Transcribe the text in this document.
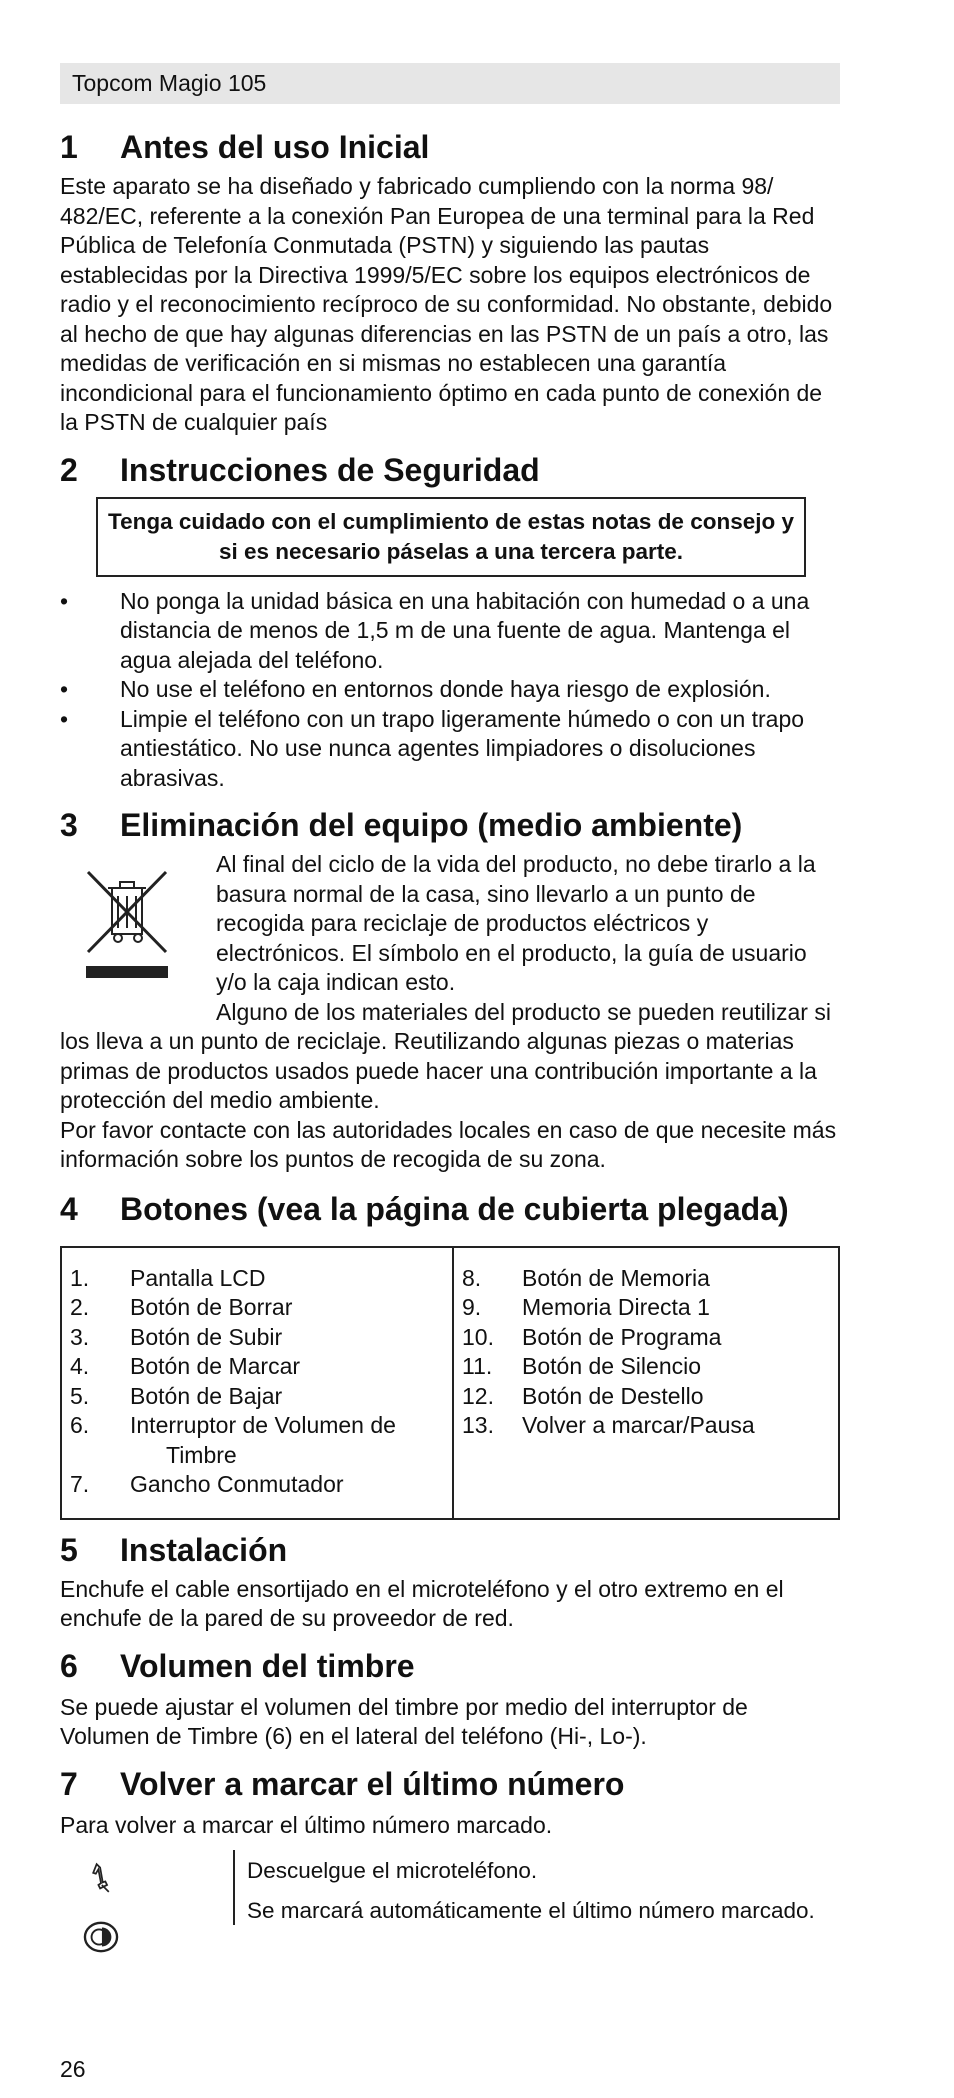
Topcom Magio 105
1	Antes del uso Inicial

Este aparato se ha diseñado y fabricado cumpliendo con la norma 98/ 482/EC, referente a la conexión Pan Europea de una terminal para la Red Pública de Telefonía Conmutada (PSTN) y siguiendo las pautas establecidas por la Directiva 1999/5/EC sobre los equipos electrónicos de radio y el reconocimiento recíproco de su conformidad. No obstante, debido al hecho de que hay algunas diferencias en las PSTN de un país a otro, las medidas de verificación en si mismas no establecen una garantía incondicional para el funcionamiento óptimo en cada punto de conexión de la PSTN de cualquier país

2	Instrucciones de Seguridad
Tenga cuidado con el cumplimiento de estas notas de consejo y si es necesario páselas a una tercera parte.
•	No ponga la unidad básica en una habitación con humedad o a una distancia de menos de 1,5 m de una fuente de agua. Mantenga el agua alejada del teléfono.
•	No use el teléfono en entornos donde haya riesgo de explosión.
•	Limpie el teléfono con un trapo ligeramente húmedo o con un trapo antiestático. No use nunca agentes limpiadores o disoluciones abrasivas.
3	Eliminación del equipo (medio ambiente)

Al final del ciclo de la vida del producto, no debe tirarlo a la basura normal de la casa, sino llevarlo a un punto de recogida para reciclaje de productos eléctricos y electrónicos. El símbolo en el producto, la guía de usuario y/o la caja indican esto.

Alguno de los materiales del producto se pueden reutilizar si los lleva a un punto de reciclaje. Reutilizando algunas piezas o materias primas de productos usados puede hacer una contribución importante a la protección del medio ambiente.

Por favor contacte con las autoridades locales en caso de que necesite más información sobre los puntos de recogida de su zona.

4	Botones (vea la página de cubierta plegada)
1.	Pantalla LCD
2.	Botón de Borrar
3.	Botón de Subir
4.	Botón de Marcar
5.	Botón de Bajar
6.	Interruptor de Volumen de
Timbre
7.	Gancho Conmutador

8.	Botón de Memoria
9.	Memoria Directa 1
10.	Botón de Programa
11.	Botón de Silencio
12.	Botón de Destello
13.	Volver a marcar/Pausa
5	Instalación

Enchufe el cable ensortijado en el microteléfono y el otro extremo en el enchufe de la pared de su proveedor de red.

6	Volumen del timbre

Se puede ajustar el volumen del timbre por medio del interruptor de Volumen de Timbre (6) en el lateral del teléfono (Hi-, Lo-).

7	Volver a marcar el último número

Para volver a marcar el último número marcado.

Descuelgue el microteléfono.

Se marcará automáticamente el último número marcado.

26
